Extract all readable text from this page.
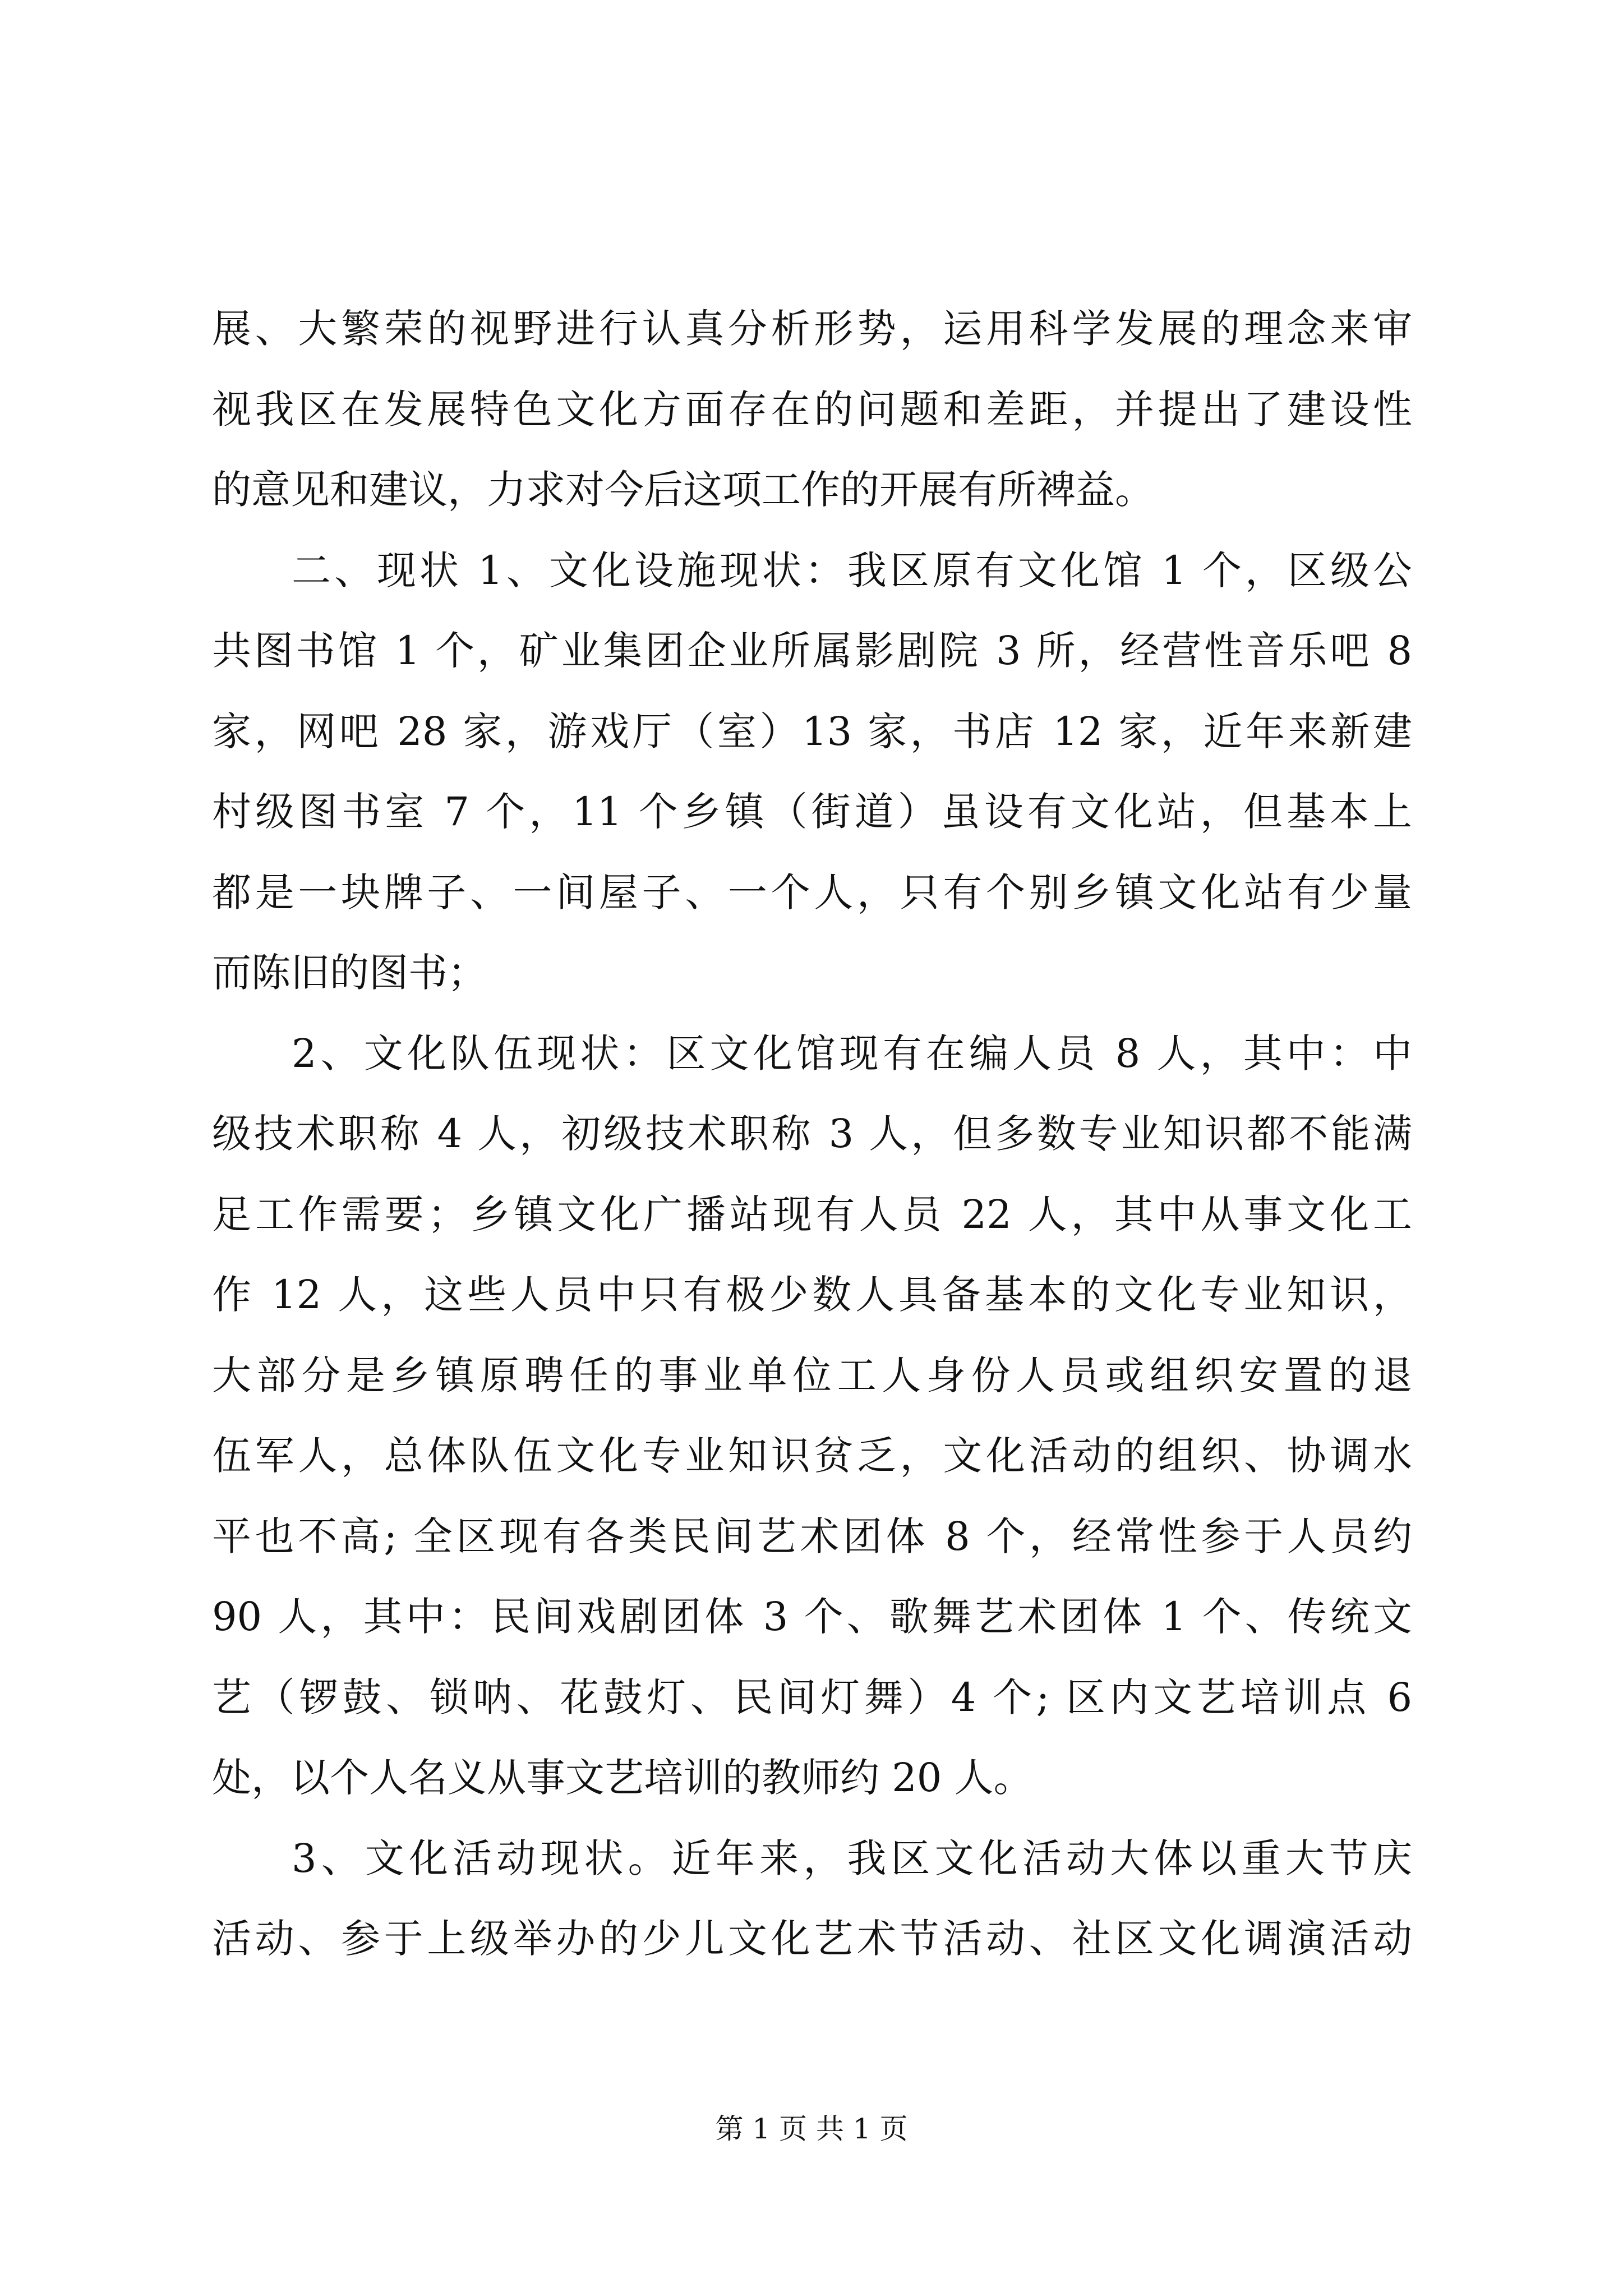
展、大繁荣的视野进行认真分析形势，运用科学发展的理念来审
视我区在发展特色文化方面存在的问题和差距，并提出了建设性
的意见和建议，力求对今后这项工作的开展有所裨益。
二、现状 1、文化设施现状：我区原有文化馆 1 个，区级公
共图书馆 1 个，矿业集团企业所属影剧院 3 所，经营性音乐吧 8
家，网吧 28 家，游戏厅（室）13 家，书店 12 家，近年来新建
村级图书室 7 个，11 个乡镇（街道）虽设有文化站，但基本上
都是一块牌子、一间屋子、一个人，只有个别乡镇文化站有少量
而陈旧的图书；
2、文化队伍现状：区文化馆现有在编人员 8 人，其中：中
级技术职称 4 人，初级技术职称 3 人，但多数专业知识都不能满
足工作需要；乡镇文化广播站现有人员 22 人，其中从事文化工
作 12 人，这些人员中只有极少数人具备基本的文化专业知识，
大部分是乡镇原聘任的事业单位工人身份人员或组织安置的退
伍军人，总体队伍文化专业知识贫乏，文化活动的组织、协调水
平也不高; 全区现有各类民间艺术团体 8 个，经常性参于人员约
90 人，其中：民间戏剧团体 3 个、歌舞艺术团体 1 个、传统文
艺（锣鼓、锁呐、花鼓灯、民间灯舞）4 个; 区内文艺培训点 6
处，以个人名义从事文艺培训的教师约 20 人。
3、文化活动现状。近年来，我区文化活动大体以重大节庆
活动、参于上级举办的少儿文化艺术节活动、社区文化调演活动
第 1 页 共 1 页
